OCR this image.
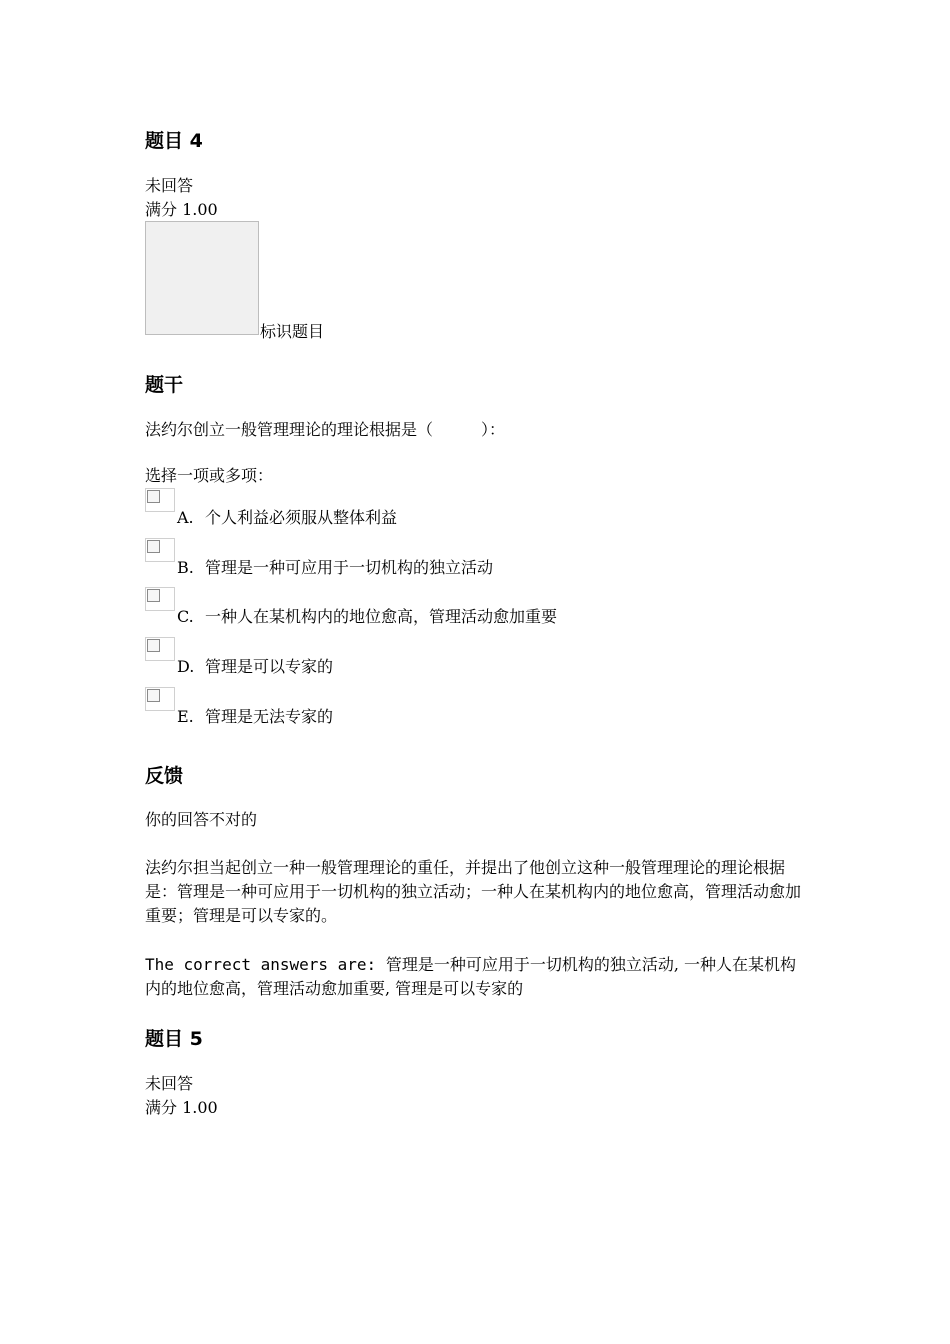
题目 4
未回答
满分 1.00
标识题目
题干
法约尔创立一般管理理论的理论根据是（　　　）：
选择一项或多项：
A. 个人利益必须服从整体利益
B. 管理是一种可应用于一切机构的独立活动
C. 一种人在某机构内的地位愈高，管理活动愈加重要
D. 管理是可以专家的
E. 管理是无法专家的
反馈
你的回答不对的
法约尔担当起创立一种一般管理理论的重任，并提出了他创立这种一般管理理论的理论根据是：管理是一种可应用于一切机构的独立活动；一种人在某机构内的地位愈高，管理活动愈加重要；管理是可以专家的。
The correct answers are: 管理是一种可应用于一切机构的独立活动, 一种人在某机构内的地位愈高，管理活动愈加重要, 管理是可以专家的
题目 5
未回答
满分 1.00
